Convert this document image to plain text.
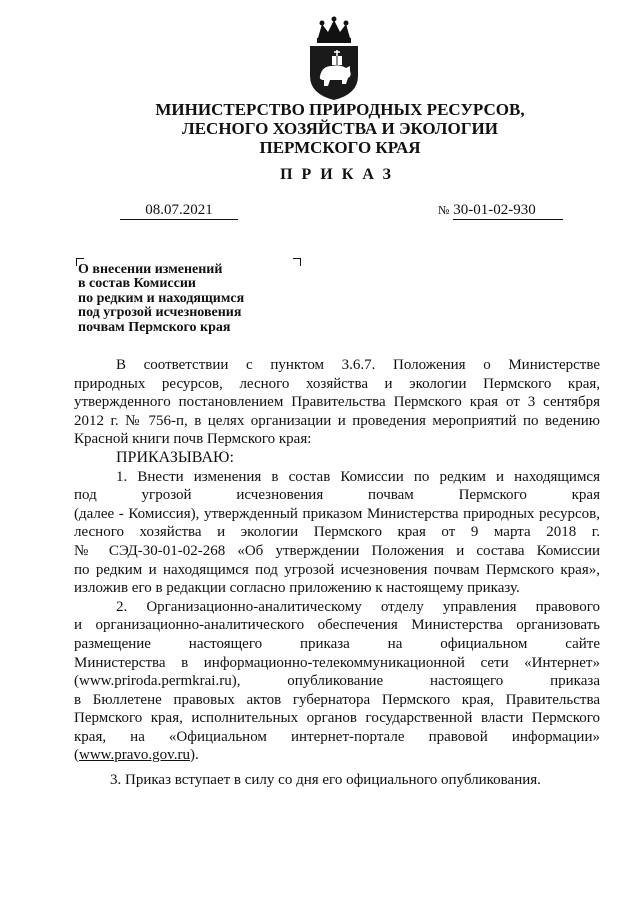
МИНИСТЕРСТВО ПРИРОДНЫХ РЕСУРСОВ,
ЛЕСНОГО ХОЗЯЙСТВА И ЭКОЛОГИИ
ПЕРМСКОГО КРАЯ
ПРИКАЗ
08.07.2021	№ 30-01-02-930
О внесении изменений
в состав Комиссии
по редким и находящимся
под угрозой исчезновения
почвам Пермского края

В соответствии с пунктом 3.6.7. Положения о Министерстве

природных ресурсов, лесного хозяйства и экологии Пермского края,

утвержденного постановлением Правительства Пермского края от 3 сентября

2012 г. № 756-п, в целях организации и проведения мероприятий по ведению

Красной книги почв Пермского края:

ПРИКАЗЫВАЮ:

1. Внести изменения в состав Комиссии по редким и находящимся

под угрозой исчезновения почвам Пермского края

(далее - Комиссия), утвержденный приказом Министерства природных ресурсов,

лесного хозяйства и экологии Пермского края от 9 марта 2018 г.

№ СЭД-30-01-02-268 «Об утверждении Положения и состава Комиссии

по редким и находящимся под угрозой исчезновения почвам Пермского края»,

изложив его в редакции согласно приложению к настоящему приказу.

2. Организационно-аналитическому отделу управления правового

и организационно-аналитического обеспечения Министерства организовать

размещение настоящего приказа на официальном сайте

Министерства в информационно-телекоммуникационной сети «Интернет»

(www.priroda.permkrai.ru), опубликование настоящего приказа

в Бюллетене правовых актов губернатора Пермского края, Правительства

Пермского края, исполнительных органов государственной власти Пермского

края, на «Официальном интернет-портале правовой информации»

(www.pravo.gov.ru).

3. Приказ вступает в силу со дня его официального опубликования.
